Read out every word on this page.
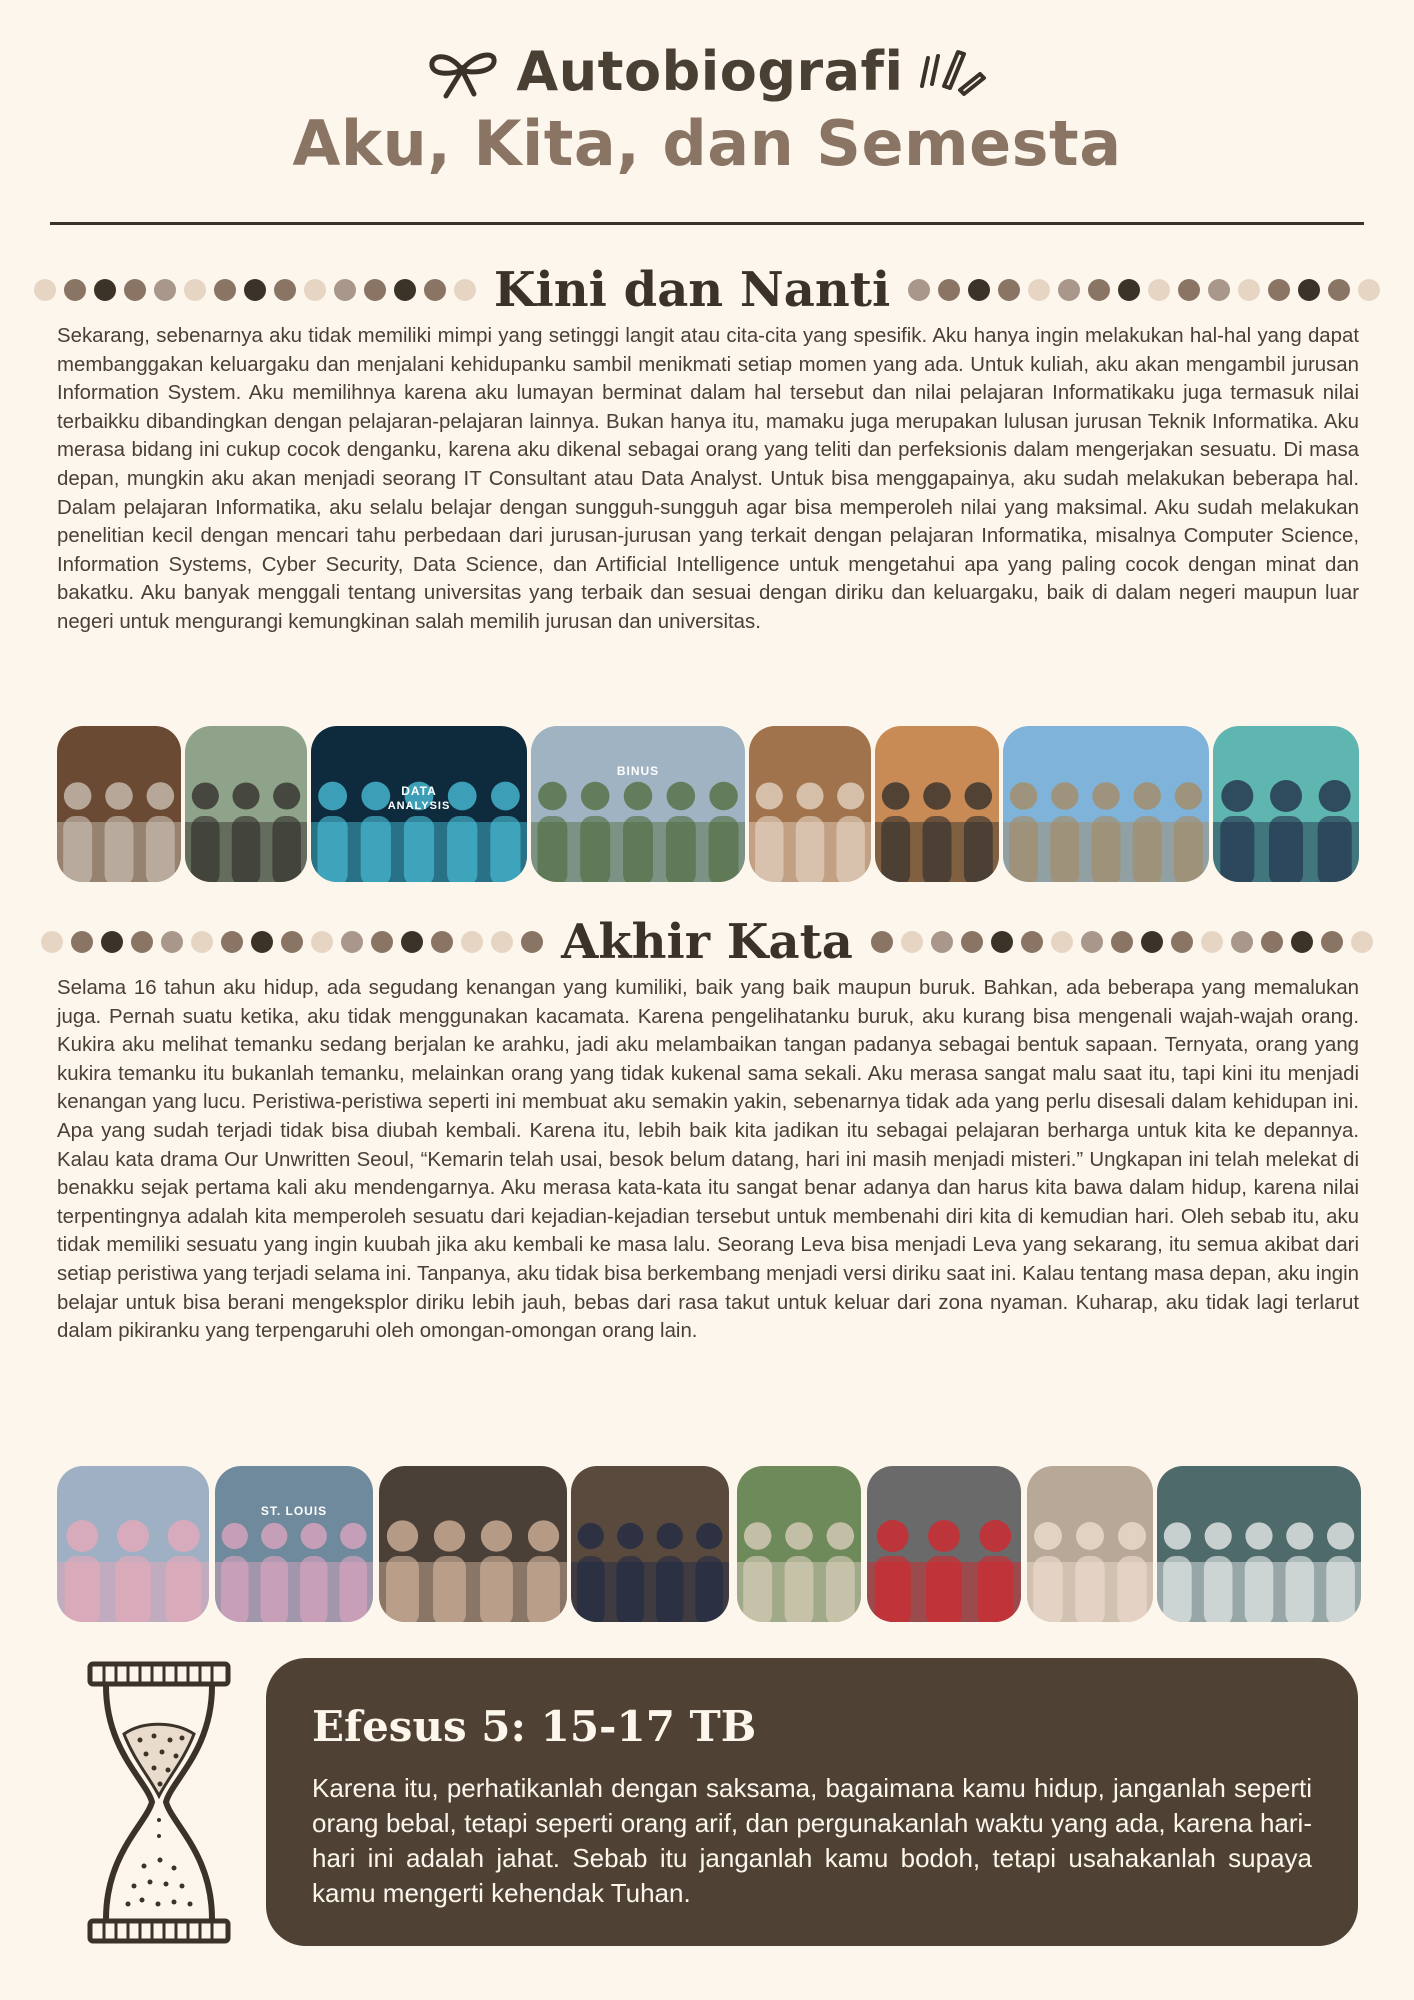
Autobiografi
Aku, Kita, dan Semesta
Kini dan Nanti

Sekarang, sebenarnya aku tidak memiliki mimpi yang setinggi langit atau cita-cita yang spesifik. Aku hanya ingin melakukan hal-hal yang dapat membanggakan keluargaku dan menjalani kehidupanku sambil menikmati setiap momen yang ada. Untuk kuliah, aku akan mengambil jurusan Information System. Aku memilihnya karena aku lumayan berminat dalam hal tersebut dan nilai pelajaran Informatikaku juga termasuk nilai terbaikku dibandingkan dengan pelajaran-pelajaran lainnya. Bukan hanya itu, mamaku juga merupakan lulusan jurusan Teknik Informatika. Aku merasa bidang ini cukup cocok denganku, karena aku dikenal sebagai orang yang teliti dan perfeksionis dalam mengerjakan sesuatu. Di masa depan, mungkin aku akan menjadi seorang IT Consultant atau Data Analyst. Untuk bisa menggapainya, aku sudah melakukan beberapa hal. Dalam pelajaran Informatika, aku selalu belajar dengan sungguh-sungguh agar bisa memperoleh nilai yang maksimal. Aku sudah melakukan penelitian kecil dengan mencari tahu perbedaan dari jurusan-jurusan yang terkait dengan pelajaran Informatika, misalnya Computer Science, Information Systems, Cyber Security, Data Science, dan Artificial Intelligence untuk mengetahui apa yang paling cocok dengan minat dan bakatku. Aku banyak menggali tentang universitas yang terbaik dan sesuai dengan diriku dan keluargaku, baik di dalam negeri maupun luar negeri untuk mengurangi kemungkinan salah memilih jurusan dan universitas.

DATA
ANALYSIS
BINUS
Akhir Kata

Selama 16 tahun aku hidup, ada segudang kenangan yang kumiliki, baik yang baik maupun buruk. Bahkan, ada beberapa yang memalukan juga. Pernah suatu ketika, aku tidak menggunakan kacamata. Karena pengelihatanku buruk, aku kurang bisa mengenali wajah-wajah orang. Kukira aku melihat temanku sedang berjalan ke arahku, jadi aku melambaikan tangan padanya sebagai bentuk sapaan. Ternyata, orang yang kukira temanku itu bukanlah temanku, melainkan orang yang tidak kukenal sama sekali. Aku merasa sangat malu saat itu, tapi kini itu menjadi kenangan yang lucu. Peristiwa-peristiwa seperti ini membuat aku semakin yakin, sebenarnya tidak ada yang perlu disesali dalam kehidupan ini. Apa yang sudah terjadi tidak bisa diubah kembali. Karena itu, lebih baik kita jadikan itu sebagai pelajaran berharga untuk kita ke depannya. Kalau kata drama Our Unwritten Seoul, “Kemarin telah usai, besok belum datang, hari ini masih menjadi misteri.” Ungkapan ini telah melekat di benakku sejak pertama kali aku mendengarnya. Aku merasa kata-kata itu sangat benar adanya dan harus kita bawa dalam hidup, karena nilai terpentingnya adalah kita memperoleh sesuatu dari kejadian-kejadian tersebut untuk membenahi diri kita di kemudian hari. Oleh sebab itu, aku tidak memiliki sesuatu yang ingin kuubah jika aku kembali ke masa lalu. Seorang Leva bisa menjadi Leva yang sekarang, itu semua akibat dari setiap peristiwa yang terjadi selama ini. Tanpanya, aku tidak bisa berkembang menjadi versi diriku saat ini. Kalau tentang masa depan, aku ingin belajar untuk bisa berani mengeksplor diriku lebih jauh, bebas dari rasa takut untuk keluar dari zona nyaman. Kuharap, aku tidak lagi terlarut dalam pikiranku yang terpengaruhi oleh omongan-omongan orang lain.

ST. LOUIS
Efesus 5: 15-17 TB

Karena itu, perhatikanlah dengan saksama, bagaimana kamu hidup, janganlah seperti orang bebal, tetapi seperti orang arif, dan pergunakanlah waktu yang ada, karena hari-hari ini adalah jahat. Sebab itu janganlah kamu bodoh, tetapi usahakanlah supaya kamu mengerti kehendak Tuhan.
